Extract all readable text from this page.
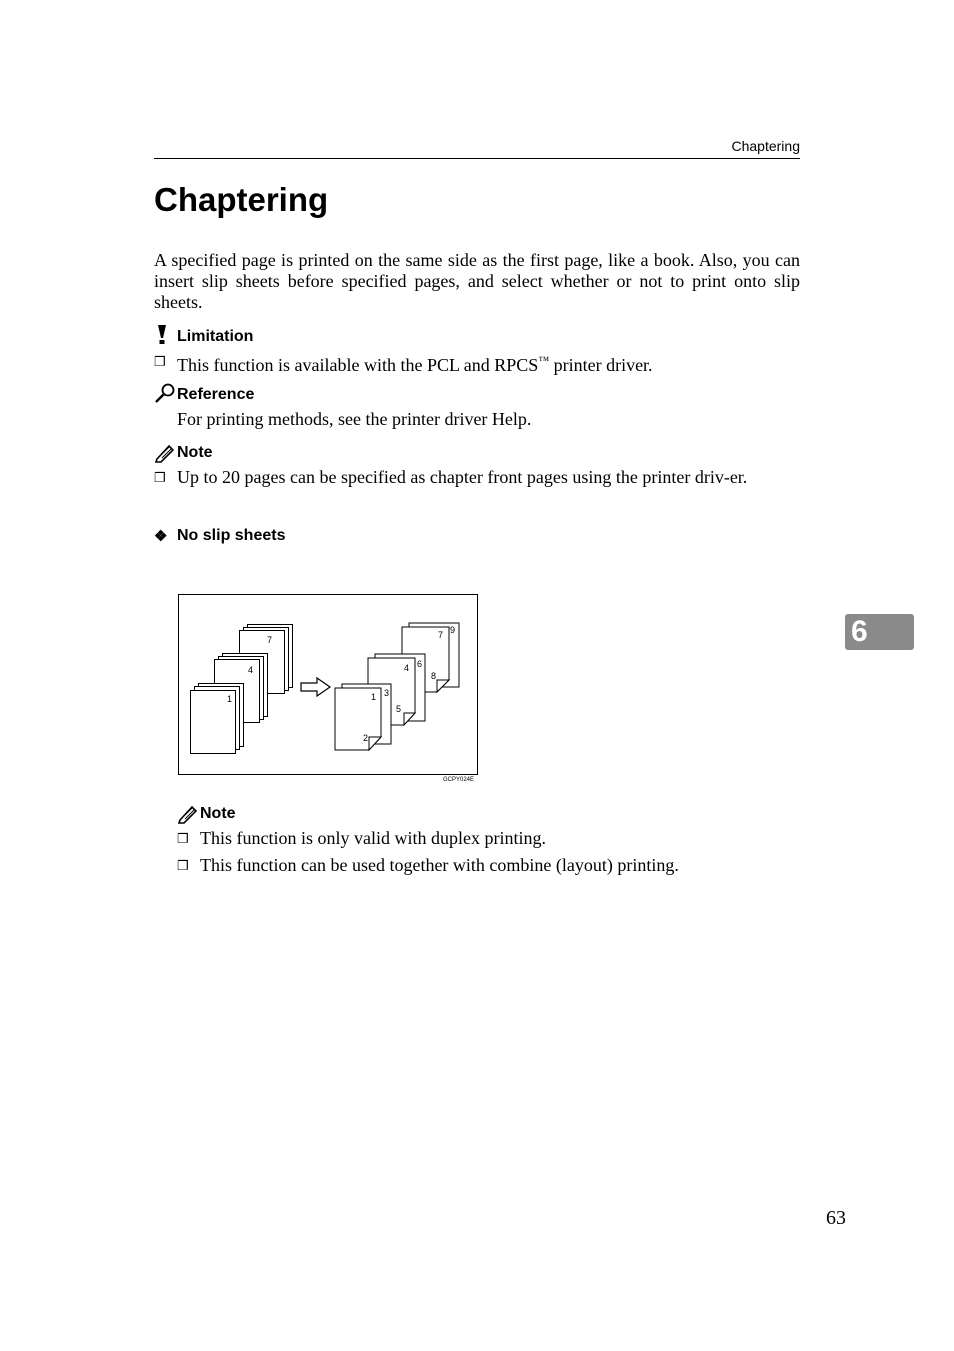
Chaptering
Chaptering

A specified page is printed on the same side as the first page, like a book. Also, you can insert slip sheets before specified pages, and select whether or not to print onto slip sheets.

Limitation
❒ This function is available with the PCL and RPCS™ printer driver.
Reference
For printing methods, see the printer driver Help.
Note
❒ Up to 20 pages can be specified as chapter front pages using the printer driv-er.
❖ No slip sheets
7
4
1
9
7
8
6
4
3
5
1
2
GCPY024E
Note
❒ This function is only valid with duplex printing.
❒ This function can be used together with combine (layout) printing.
6
63
